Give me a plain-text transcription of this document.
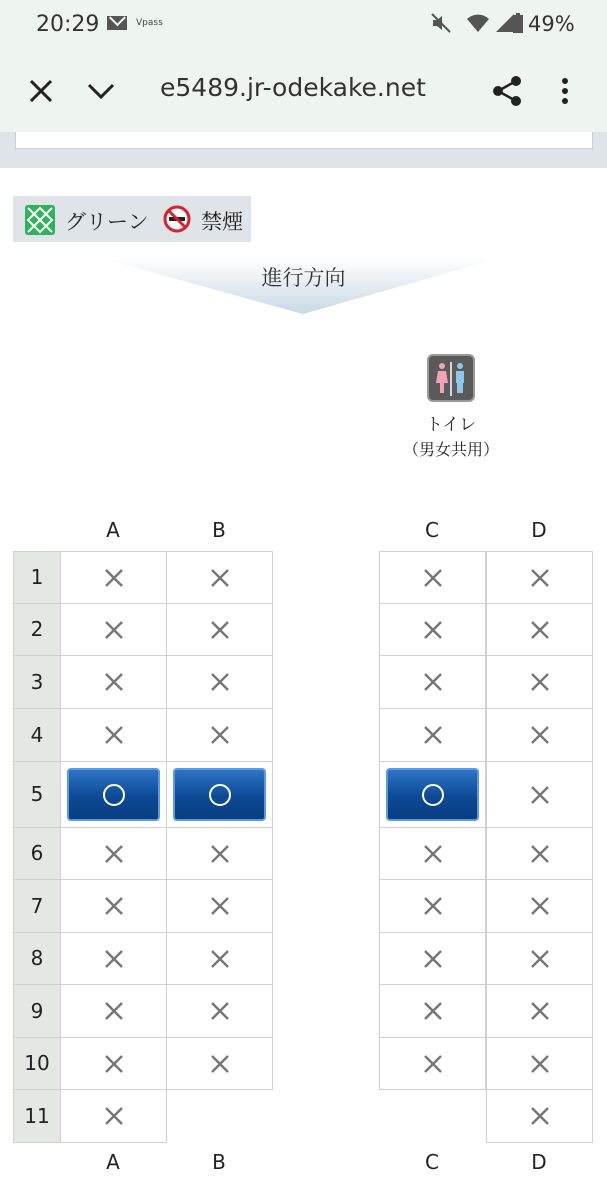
20:29	Vpass	49%
e5489.jr-odekake.net
グリーン 禁煙
進行方向
トイレ
（男女共用）
A
A
B
B
C
C
D
D
1
2
3
4
5
6
7
8
9
10
11
